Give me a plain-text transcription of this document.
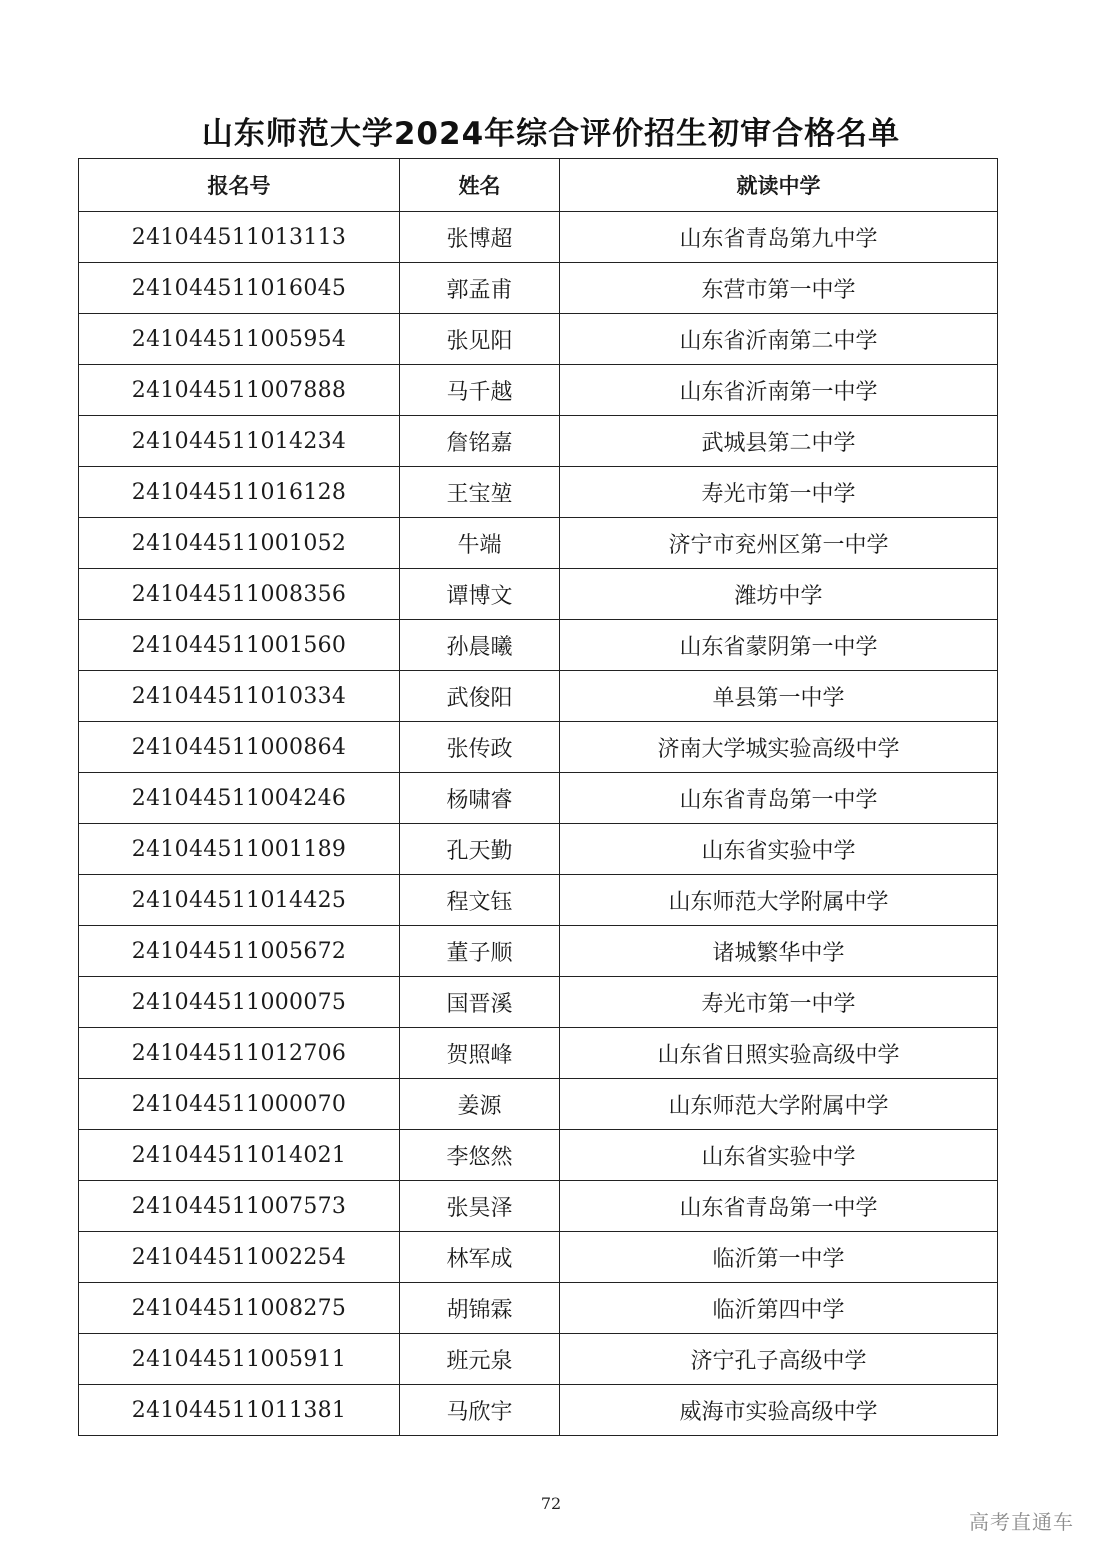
山东师范大学2024年综合评价招生初审合格名单
报名号	姓名	就读中学
241044511013113	张博超	山东省青岛第九中学
241044511016045	郭孟甫	东营市第一中学
241044511005954	张见阳	山东省沂南第二中学
241044511007888	马千越	山东省沂南第一中学
241044511014234	詹铭嘉	武城县第二中学
241044511016128	王宝堃	寿光市第一中学
241044511001052	牛端	济宁市兖州区第一中学
241044511008356	谭博文	潍坊中学
241044511001560	孙晨曦	山东省蒙阴第一中学
241044511010334	武俊阳	单县第一中学
241044511000864	张传政	济南大学城实验高级中学
241044511004246	杨啸睿	山东省青岛第一中学
241044511001189	孔天勤	山东省实验中学
241044511014425	程文钰	山东师范大学附属中学
241044511005672	董子顺	诸城繁华中学
241044511000075	国晋溪	寿光市第一中学
241044511012706	贺照峰	山东省日照实验高级中学
241044511000070	姜源	山东师范大学附属中学
241044511014021	李悠然	山东省实验中学
241044511007573	张昊泽	山东省青岛第一中学
241044511002254	林军成	临沂第一中学
241044511008275	胡锦霖	临沂第四中学
241044511005911	班元泉	济宁孔子高级中学
241044511011381	马欣宇	威海市实验高级中学
72
高考直通车
